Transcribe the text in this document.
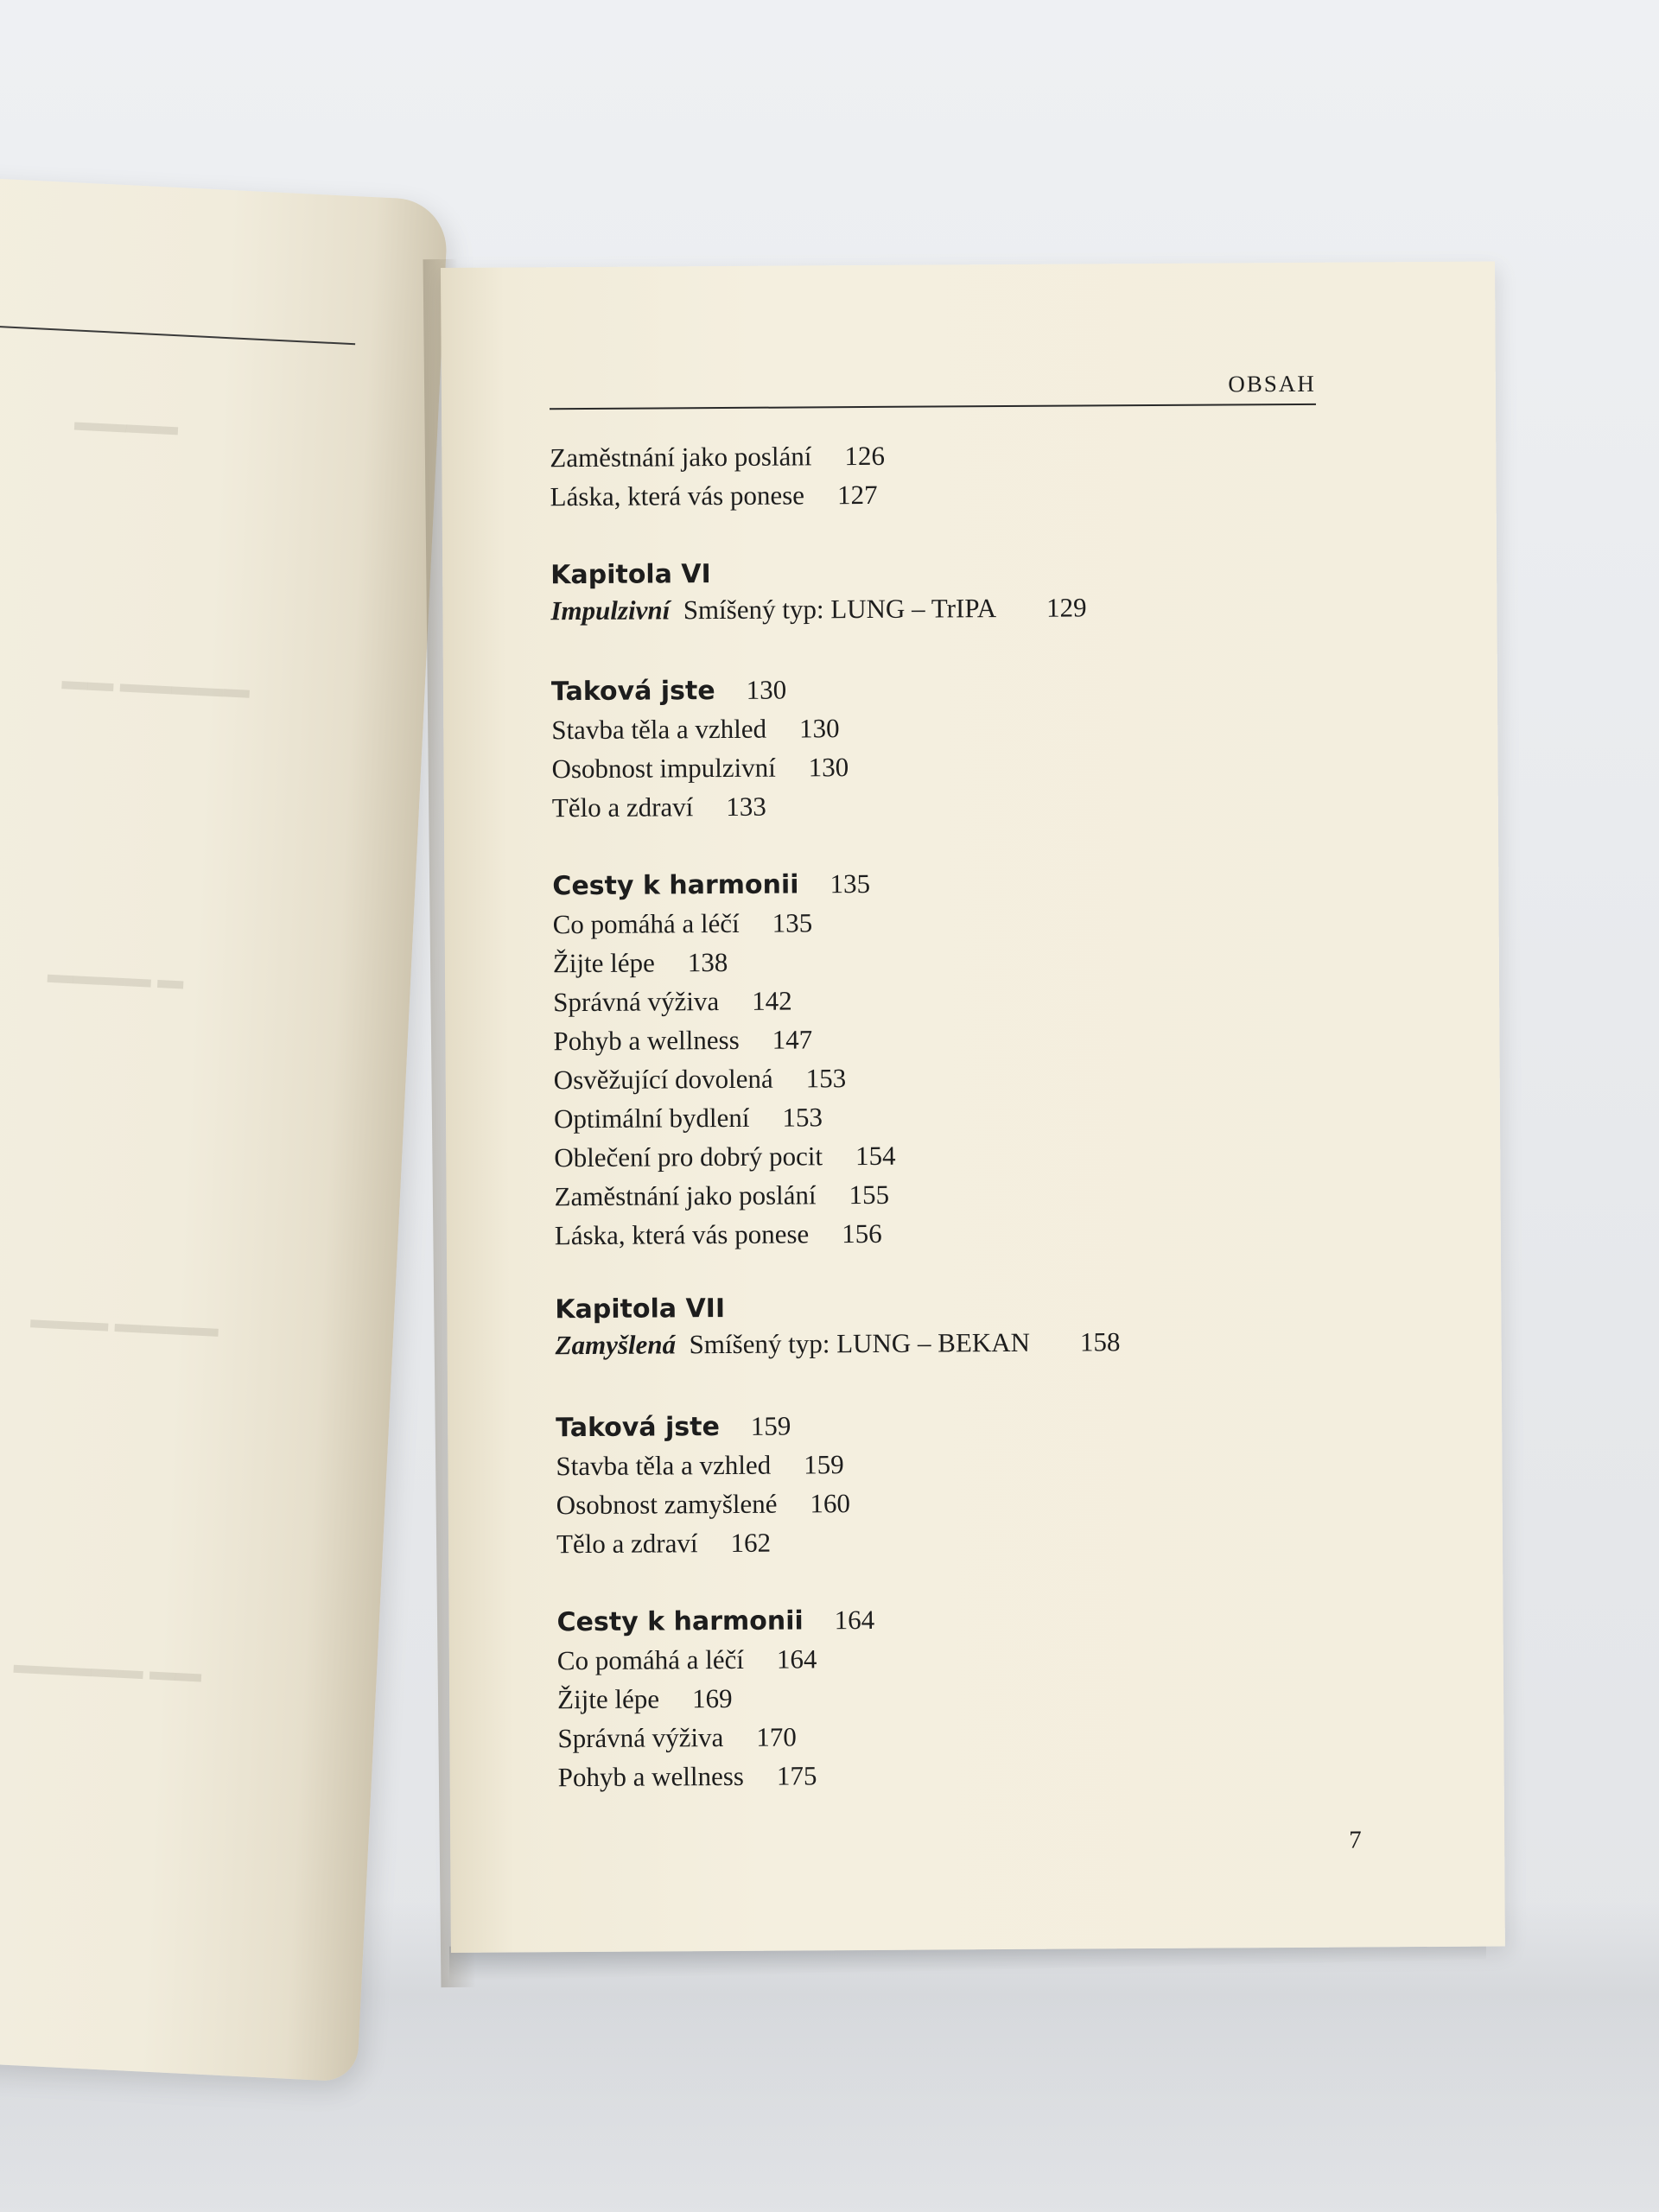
▬▬▬▬
▬▬ ▬▬▬▬▬
▬▬▬▬ ▬
▬▬▬ ▬▬▬▬
▬▬▬▬▬ ▬▬
OBSAH
Zaměstnání jako poslání 126
Láska, která vás ponese 127
Kapitola VI
Impulzivní Smíšený typ: LUNG – TrIPA 129
Taková jste 130
Stavba těla a vzhled 130
Osobnost impulzivní 130
Tělo a zdraví 133
Cesty k harmonii 135
Co pomáhá a léčí 135
Žijte lépe 138
Správná výživa 142
Pohyb a wellness 147
Osvěžující dovolená 153
Optimální bydlení 153
Oblečení pro dobrý pocit 154
Zaměstnání jako poslání 155
Láska, která vás ponese 156
Kapitola VII
Zamyšlená Smíšený typ: LUNG – BEKAN 158
Taková jste 159
Stavba těla a vzhled 159
Osobnost zamyšlené 160
Tělo a zdraví 162
Cesty k harmonii 164
Co pomáhá a léčí 164
Žijte lépe 169
Správná výživa 170
Pohyb a wellness 175
7
